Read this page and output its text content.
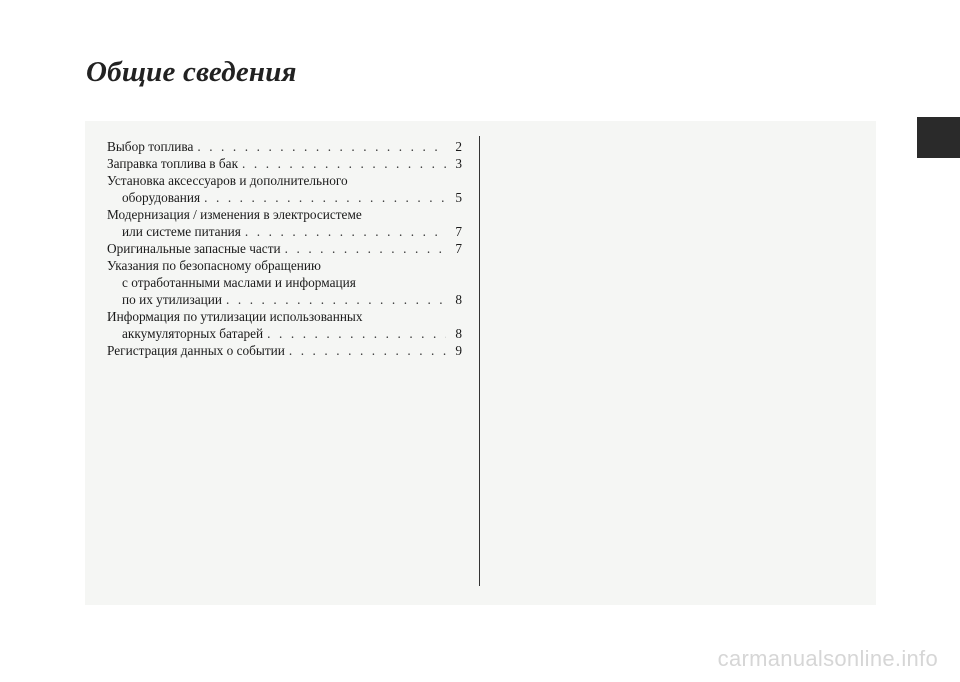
Общие сведения
Выбор топлива . . .	2
Заправка топлива в бак . . .	3
Установка аксессуаров и дополнительного
оборудования . . .	5
Модернизация / изменения в электросистеме
или системе питания . . .	7
Оригинальные запасные части . . .	7
Указания по безопасному обращению
с отработанными маслами и информация
по их утилизации . . .	8
Информация по утилизации использованных
аккумуляторных батарей . . .	8
Регистрация данных о событии . . .	9
carmanualsonline.info
